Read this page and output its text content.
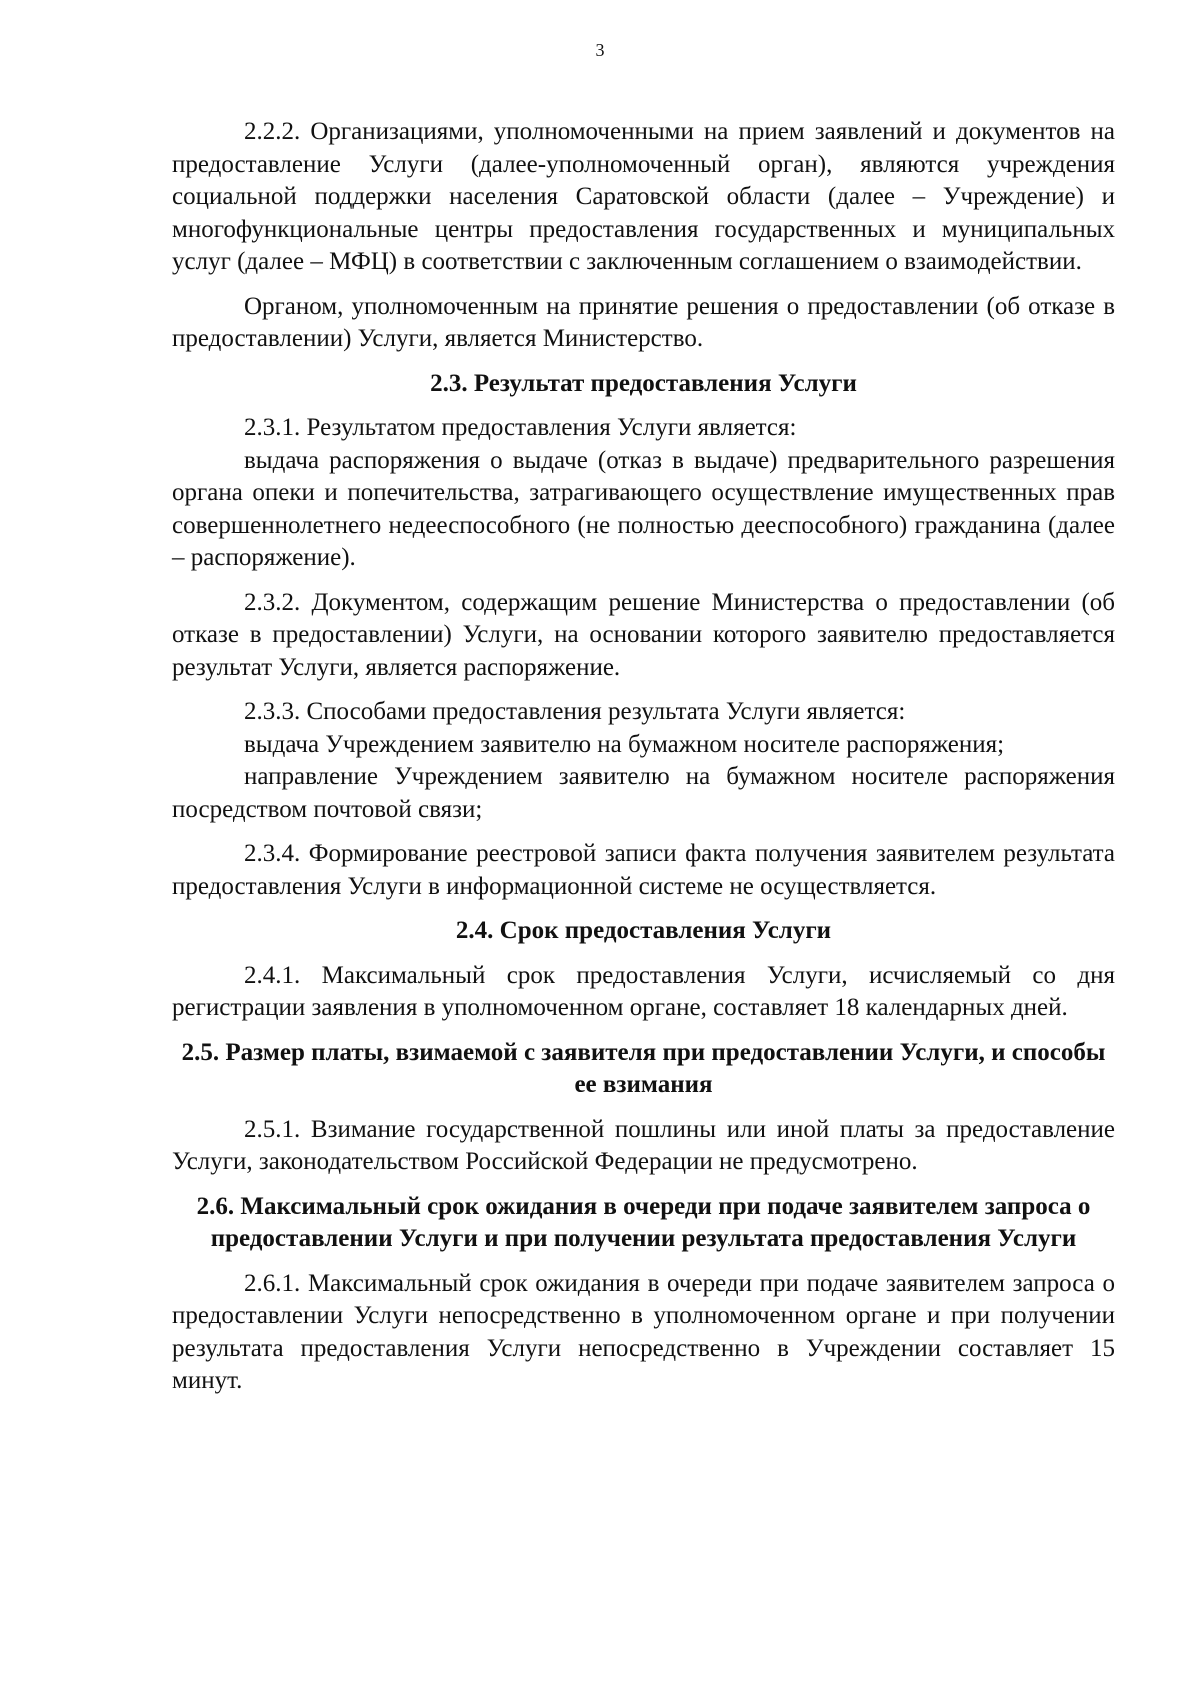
3

2.2.2. Организациями, уполномоченными на прием заявлений и документов на предоставление Услуги (далее-уполномоченный орган), являются учреждения социальной поддержки населения Саратовской области (далее – Учреждение) и многофункциональные центры предоставления государственных и муниципальных услуг (далее – МФЦ) в соответствии с заключенным соглашением о взаимодействии.

Органом, уполномоченным на принятие решения о предоставлении (об отказе в предоставлении) Услуги, является Министерство.

2.3. Результат предоставления Услуги

2.3.1. Результатом предоставления Услуги является:

выдача распоряжения о выдаче (отказ в выдаче) предварительного разрешения органа опеки и попечительства, затрагивающего осуществление имущественных прав совершеннолетнего недееспособного (не полностью дееспособного) гражданина (далее – распоряжение).

2.3.2. Документом, содержащим решение Министерства о предоставлении (об отказе в предоставлении) Услуги, на основании которого заявителю предоставляется результат Услуги, является распоряжение.

2.3.3. Способами предоставления результата Услуги является:

выдача Учреждением заявителю на бумажном носителе распоряжения;

направление Учреждением заявителю на бумажном носителе распоряжения посредством почтовой связи;

2.3.4. Формирование реестровой записи факта получения заявителем результата предоставления Услуги в информационной системе не осуществляется.

2.4. Срок предоставления Услуги

2.4.1. Максимальный срок предоставления Услуги, исчисляемый со дня регистрации заявления в уполномоченном органе, составляет 18 календарных дней.

2.5. Размер платы, взимаемой с заявителя при предоставлении Услуги, и способы ее взимания

2.5.1. Взимание государственной пошлины или иной платы за предоставление Услуги, законодательством Российской Федерации не предусмотрено.

2.6. Максимальный срок ожидания в очереди при подаче заявителем запроса о предоставлении Услуги и при получении результата предоставления Услуги

2.6.1. Максимальный срок ожидания в очереди при подаче заявителем запроса о предоставлении Услуги непосредственно в уполномоченном органе и при получении результата предоставления Услуги непосредственно в Учреждении составляет 15 минут.
